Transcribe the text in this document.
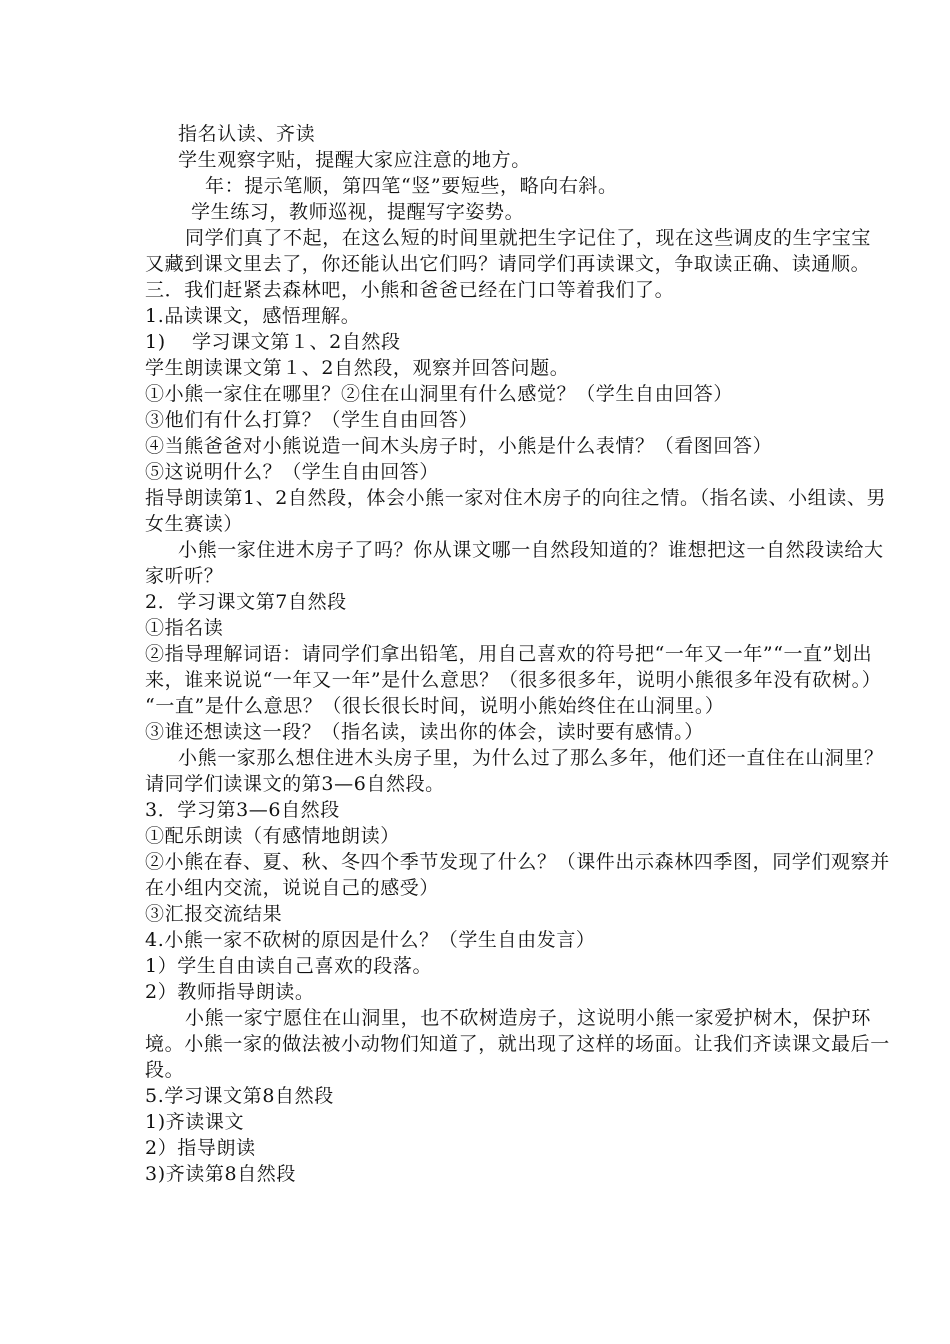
指名认读、齐读

学生观察字贴，提醒大家应注意的地方。

年：提示笔顺，第四笔“竖”要短些，略向右斜。

学生练习，教师巡视，提醒写字姿势。

同学们真了不起，在这么短的时间里就把生字记住了，现在这些调皮的生字宝宝又藏到课文里去了，你还能认出它们吗？请同学们再读课文，争取读正确、读通顺。

三．我们赶紧去森林吧，小熊和爸爸已经在门口等着我们了。

1.品读课文，感悟理解。

1)　 学习课文第１、2自然段

学生朗读课文第１、2自然段，观察并回答问题。

①小熊一家住在哪里？②住在山洞里有什么感觉？（学生自由回答）

③他们有什么打算？（学生自由回答）

④当熊爸爸对小熊说造一间木头房子时，小熊是什么表情？（看图回答）

⑤这说明什么？（学生自由回答）

指导朗读第1、2自然段，体会小熊一家对住木房子的向往之情。（指名读、小组读、男女生赛读）

小熊一家住进木房子了吗？你从课文哪一自然段知道的？谁想把这一自然段读给大家听听？

2．学习课文第7自然段

①指名读

②指导理解词语：请同学们拿出铅笔，用自己喜欢的符号把“一年又一年”“一直”划出来，谁来说说“一年又一年”是什么意思？（很多很多年，说明小熊很多年没有砍树。）

“一直”是什么意思？（很长很长时间，说明小熊始终住在山洞里。）

③谁还想读这一段？（指名读，读出你的体会，读时要有感情。）

小熊一家那么想住进木头房子里，为什么过了那么多年，他们还一直住在山洞里？请同学们读课文的第3—6自然段。

3．学习第3—6自然段

①配乐朗读（有感情地朗读）

②小熊在春、夏、秋、冬四个季节发现了什么？（课件出示森林四季图，同学们观察并在小组内交流，说说自己的感受）

③汇报交流结果

4.小熊一家不砍树的原因是什么？（学生自由发言）

1）学生自由读自己喜欢的段落。

2）教师指导朗读。

小熊一家宁愿住在山洞里，也不砍树造房子，这说明小熊一家爱护树木，保护环境。小熊一家的做法被小动物们知道了，就出现了这样的场面。让我们齐读课文最后一段。

5.学习课文第8自然段

1)齐读课文

2）指导朗读

3)齐读第8自然段
